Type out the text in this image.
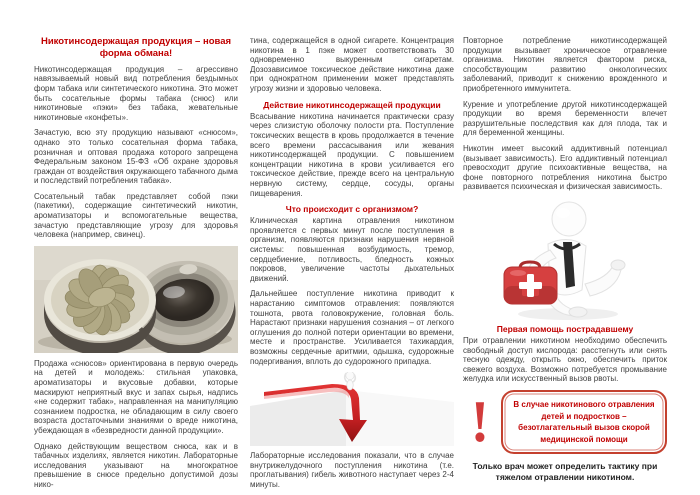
Никотинсодержащая продукция – новая форма обмана!

Никотинсодержащая продукция – агрессивно навязываемый новый вид потребления бездымных форм табака или синтетического никотина. Это может быть сосательные формы табака (снюс) или никотиновые «пэки» без табака, жевательные никотиновые «конфеты».

Зачастую, всю эту продукцию называют «снюсом», однако это только сосательная форма табака, розничная и оптовая продажа которого запрещена Федеральным законом 15-ФЗ «Об охране здоровья граждан от воздействия окружающего табачного дыма и последствий потребления табака».

Сосательный табак представляет собой пэки (пакетики), содержащие синтетический никотин, ароматизаторы и вспомогательные вещества, зачастую представляющие угрозу для здоровья человека (например, свинец).

Продажа «снюсов» ориентирована в первую очередь на детей и молодежь: стильная упаковка, ароматизаторы и вкусовые добавки, которые маскируют неприятный вкус и запах сырья, надпись «не содержит табак», направленная на манипуляцию сознанием подростка, не обладающим в силу своего возраста достаточными знаниями о вреде никотина, убеждающая в «безвредности данной продукции».

Однако действующим веществом снюса, как и в табачных изделиях, является никотин. Лабораторные исследования указывают на многократное превышение в снюсе предельно допустимой дозы нико-

тина, содержащейся в одной сигарете. Концентрация никотина в 1 пэке может соответствовать 30 одновременно выкуренным сигаретам. Дозозависимое токсическое действие никотина даже при однократном применении может представлять угрозу жизни и здоровью человека.

Действие никотинсодержащей продукции

Всасывание никотина начинается практически сразу через слизистую оболочку полости рта. Поступление токсических веществ в кровь продолжается в течение всего времени рассасывания или жевания никотинсодержащей продукции. С повышением концентрации никотина в крови усиливается его токсическое действие, прежде всего на центральную нервную систему, сердце, сосуды, органы пищеварения.

Что происходит с организмом?

Клиническая картина отравления никотином проявляется с первых минут после поступления в организм, появляются признаки нарушения нервной системы: повышенная возбудимость, тремор, сердцебиение, потливость, бледность кожных покровов, увеличение частоты дыхательных движений.

Дальнейшее поступление никотина приводит к нарастанию симптомов отравления: появляются тошнота, рвота головокружение, головная боль. Нарастают признаки нарушения сознания – от легкого оглушения до полной потери ориентации во времени, месте и пространстве. Усиливается тахикардия, возможны сердечные аритмии, одышка, судорожные подергивания, вплоть до судорожного припадка.

Лабораторные исследования показали, что в случае внутрижелудочного поступления никотина (т.е. проглатывания) гибель животного наступает через 2-4 минуты.

Повторное потребление никотинсодержащей продукции вызывает хроническое отравление организма. Никотин является фактором риска, способствующим развитию онкологических заболеваний, приводит к снижению врожденного и приобретенного иммунитета.

Курение и употребление другой никотинсодержащей продукции во время беременности влечет разрушительные последствия как для плода, так и для беременной женщины.

Никотин имеет высокий аддиктивный потенциал (вызывает зависимость). Его аддиктивный потенциал превосходит другие психоактивные вещества, на фоне повторного потребления никотина быстро развивается психическая и физическая зависимость.

Первая помощь пострадавшему

При отравлении никотином необходимо обеспечить свободный доступ кислорода: расстегнуть или снять тесную одежду, открыть окно, обеспечить приток свежего воздуха. Возможно потребуется промывание желудка или искусственный вызов рвоты.

!	В случае никотинового отравления детей и подростков – безотлагательный вызов скорой медицинской помощи
Только врач может определить тактику при тяжелом отравлении никотином.
